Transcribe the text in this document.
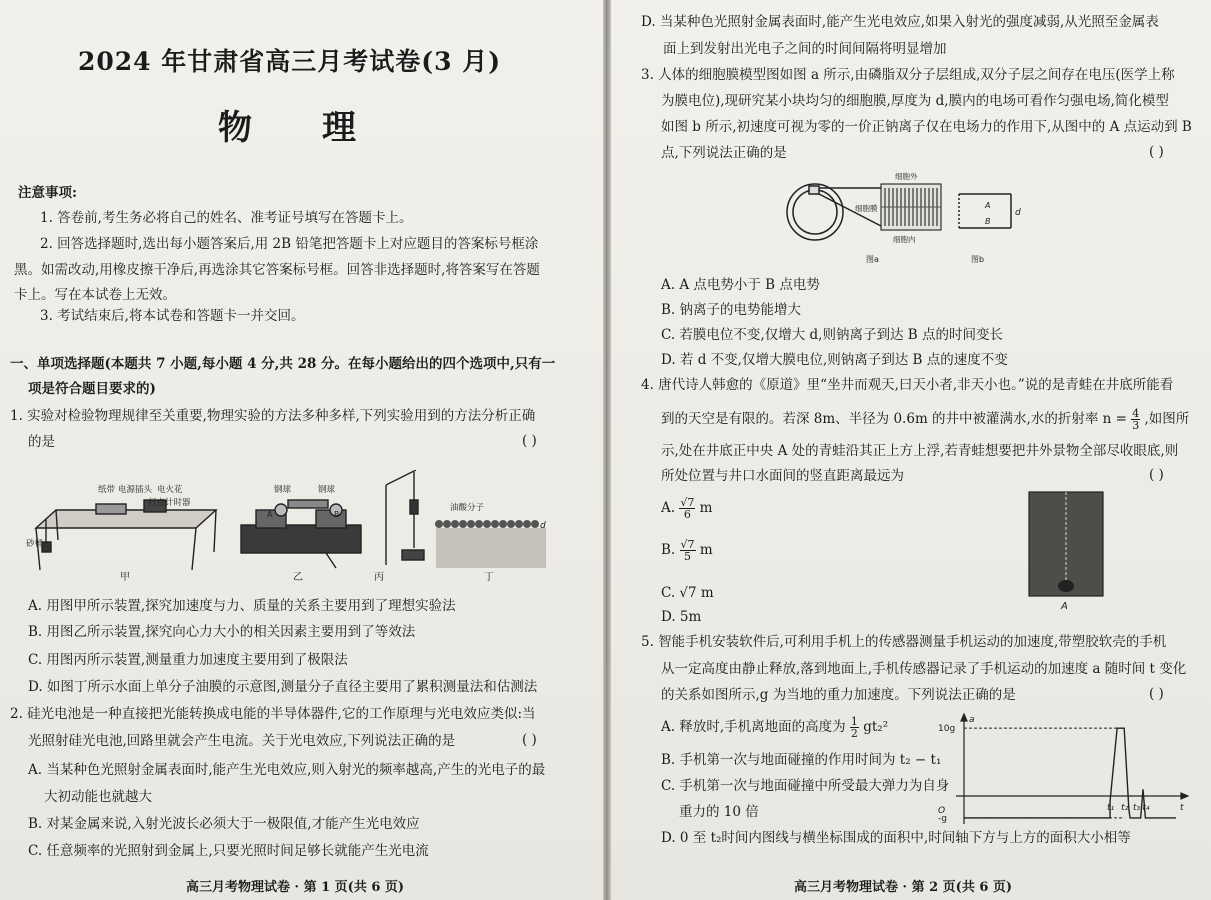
2024 年甘肃省高三月考试卷(3 月)
物理
注意事项:
1. 答卷前,考生务必将自己的姓名、准考证号填写在答题卡上。
2. 回答选择题时,选出每小题答案后,用 2B 铅笔把答题卡上对应题目的答案标号框涂
黑。如需改动,用橡皮擦干净后,再选涂其它答案标号框。回答非选择题时,将答案写在答题
卡上。写在本试卷上无效。
3. 考试结束后,将本试卷和答题卡一并交回。
一、单项选择题(本题共 7 小题,每小题 4 分,共 28 分。在每小题给出的四个选项中,只有一
项是符合题目要求的)
1. 实验对检验物理规律至关重要,物理实验的方法多种多样,下列实验用到的方法分析正确
的是	( )
纸带 电源插头 电火花
打点计时器
砂桶
甲
钢球	钢球
A	B
乙	丙
油酸分子
d
丁
A. 用图甲所示装置,探究加速度与力、质量的关系主要用到了理想实验法
B. 用图乙所示装置,探究向心力大小的相关因素主要用到了等效法
C. 用图丙所示装置,测量重力加速度主要用到了极限法
D. 如图丁所示水面上单分子油膜的示意图,测量分子直径主要用了累积测量法和估测法
2. 硅光电池是一种直接把光能转换成电能的半导体器件,它的工作原理与光电效应类似:当
光照射硅光电池,回路里就会产生电流。关于光电效应,下列说法正确的是	( )
A. 当某种色光照射金属表面时,能产生光电效应,则入射光的频率越高,产生的光电子的最
大初动能也就越大
B. 对某金属来说,入射光波长必须大于一极限值,才能产生光电效应
C. 任意频率的光照射到金属上,只要光照时间足够长就能产生光电流
高三月考物理试卷 · 第 1 页(共 6 页)
D. 当某种色光照射金属表面时,能产生光电效应,如果入射光的强度减弱,从光照至金属表
面上到发射出光电子之间的时间间隔将明显增加
3. 人体的细胞膜模型图如图 a 所示,由磷脂双分子层组成,双分子层之间存在电压(医学上称
为膜电位),现研究某小块均匀的细胞膜,厚度为 d,膜内的电场可看作匀强电场,简化模型
如图 b 所示,初速度可视为零的一价正钠离子仅在电场力的作用下,从图中的 A 点运动到 B
点,下列说法正确的是	( )
细胞外
细胞膜
细胞内
图a
A
B
d
图b
A. A 点电势小于 B 点电势
B. 钠离子的电势能增大
C. 若膜电位不变,仅增大 d,则钠离子到达 B 点的时间变长
D. 若 d 不变,仅增大膜电位,则钠离子到达 B 点的速度不变
4. 唐代诗人韩愈的《原道》里“坐井而观天,曰天小者,非天小也。”说的是青蛙在井底所能看
到的天空是有限的。若深 8m、半径为 0.6m 的井中被灌满水,水的折射率 $n = \frac{4}{3}$ ,如图所
示,处在井底正中央 A 处的青蛙沿其正上方上浮,若青蛙想要把井外景物全部尽收眼底,则
所处位置与井口水面间的竖直距离最远为	( )
A. $\frac{√7}{6}$ m
B. $\frac{√7}{5}$ m
C. √7 m
D. 5m
A
5. 智能手机安装软件后,可利用手机上的传感器测量手机运动的加速度,带塑胶软壳的手机
从一定高度由静止释放,落到地面上,手机传感器记录了手机运动的加速度 a 随时间 t 变化
的关系如图所示,g 为当地的重力加速度。下列说法正确的是	( )
A. 释放时,手机离地面的高度为 $\frac{1}{2} gt_2^2$
B. 手机第一次与地面碰撞的作用时间为 t₂ − t₁
C. 手机第一次与地面碰撞中所受最大弹力为自身
重力的 10 倍
D. 0 至 t₂时间内图线与横坐标围成的面积中,时间轴下方与上方的面积大小相等
10g
O
-g
t₁ t₂ t₃ t₄
a
t
高三月考物理试卷 · 第 2 页(共 6 页)
